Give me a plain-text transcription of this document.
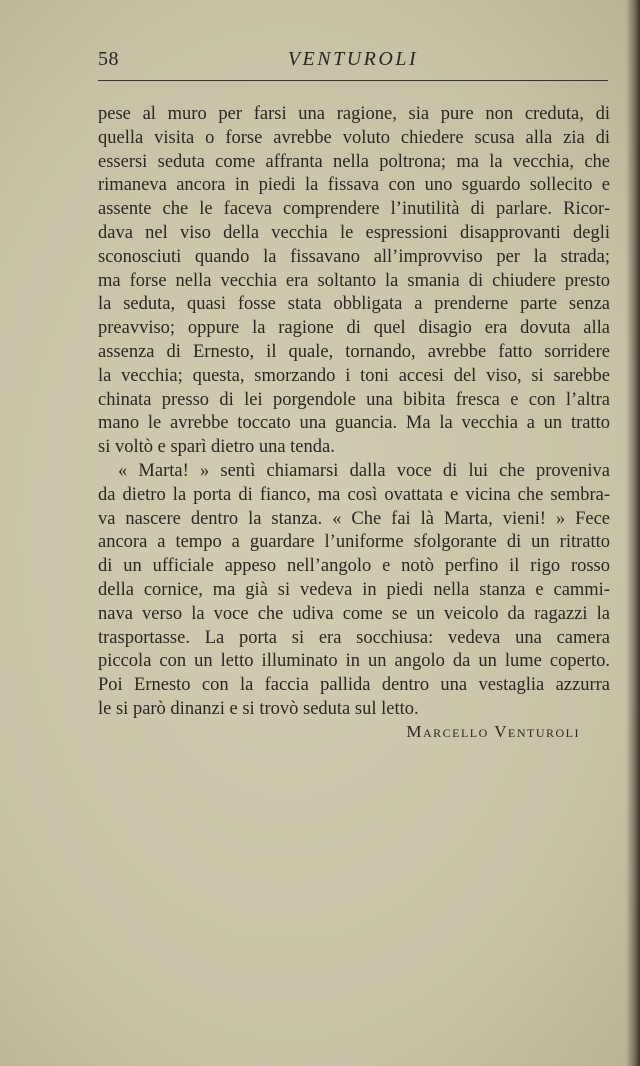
58	VENTUROLI
pese al muro per farsi una ragione, sia pure non creduta, di
quella visita o forse avrebbe voluto chiedere scusa alla zia di
essersi seduta come affranta nella poltrona; ma la vecchia, che
rimaneva ancora in piedi la fissava con uno sguardo sollecito e
assente che le faceva comprendere l’inutilità di parlare. Ricor-
dava nel viso della vecchia le espressioni disapprovanti degli
sconosciuti quando la fissavano all’improvviso per la strada;
ma forse nella vecchia era soltanto la smania di chiudere presto
la seduta, quasi fosse stata obbligata a prenderne parte senza
preavviso; oppure la ragione di quel disagio era dovuta alla
assenza di Ernesto, il quale, tornando, avrebbe fatto sorridere
la vecchia; questa, smorzando i toni accesi del viso, si sarebbe
chinata presso di lei porgendole una bibita fresca e con l’altra
mano le avrebbe toccato una guancia. Ma la vecchia a un tratto
si voltò e sparì dietro una tenda.
« Marta! » sentì chiamarsi dalla voce di lui che proveniva
da dietro la porta di fianco, ma così ovattata e vicina che sembra-
va nascere dentro la stanza. « Che fai là Marta, vieni! » Fece
ancora a tempo a guardare l’uniforme sfolgorante di un ritratto
di un ufficiale appeso nell’angolo e notò perfino il rigo rosso
della cornice, ma già si vedeva in piedi nella stanza e cammi-
nava verso la voce che udiva come se un veicolo da ragazzi la
trasportasse. La porta si era socchiusa: vedeva una camera
piccola con un letto illuminato in un angolo da un lume coperto.
Poi Ernesto con la faccia pallida dentro una vestaglia azzurra
le si parò dinanzi e si trovò seduta sul letto.
Marcello Venturoli
